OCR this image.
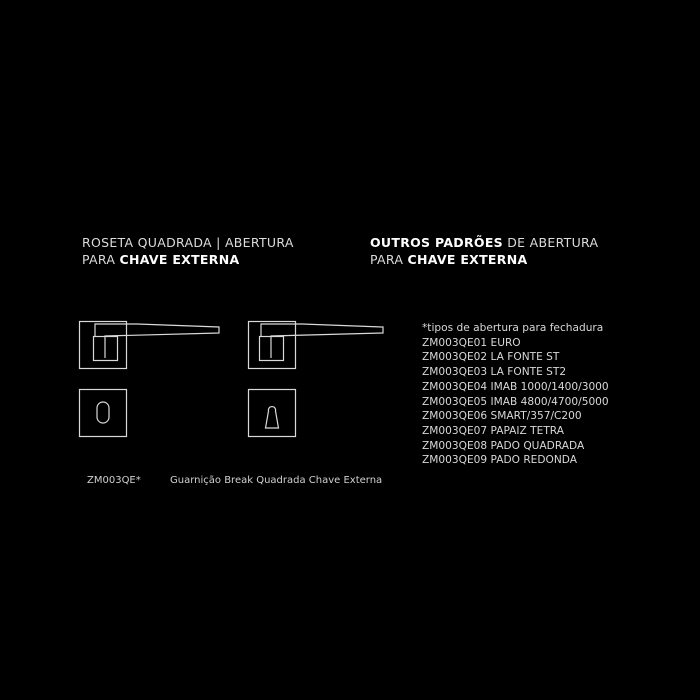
ROSETA QUADRADA | ABERTURA
PARA CHAVE EXTERNA
OUTROS PADRÕES DE ABERTURA
PARA CHAVE EXTERNA
*tipos de abertura para fechadura
ZM003QE01 EURO
ZM003QE02 LA FONTE ST
ZM003QE03 LA FONTE ST2
ZM003QE04 IMAB 1000/1400/3000
ZM003QE05 IMAB 4800/4700/5000
ZM003QE06 SMART/357/C200
ZM003QE07 PAPAIZ TETRA
ZM003QE08 PADO QUADRADA
ZM003QE09 PADO REDONDA
ZM003QE*	Guarnição Break Quadrada Chave Externa
